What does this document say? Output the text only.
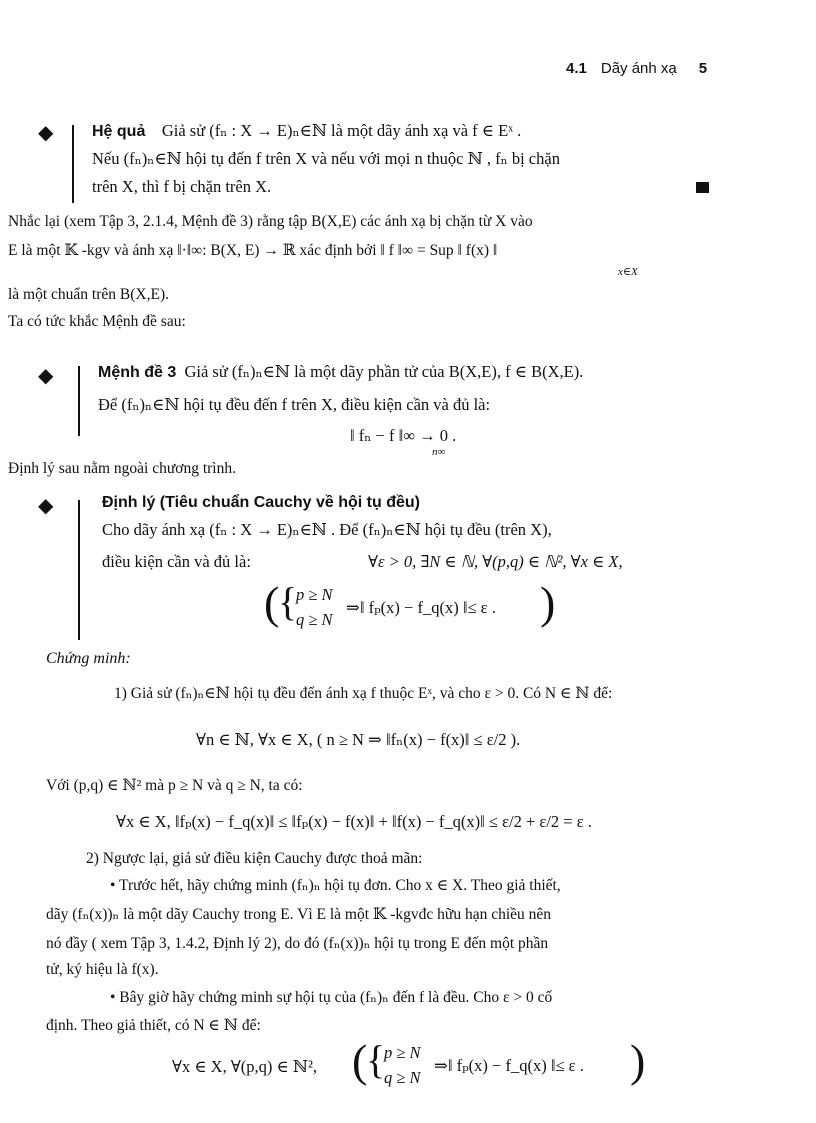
4.1 Dãy ánh xạ 5
◆ Hệ quả Giả sử (fₙ : X → E)ₙ∈ℕ là một dãy ánh xạ và f ∈ Eˣ .
Nếu (fₙ)ₙ∈ℕ hội tụ đến f trên X và nếu với mọi n thuộc ℕ , fₙ bị chặn
trên X, thì f bị chặn trên X.
Nhắc lại (xem Tập 3, 2.1.4, Mệnh đề 3) rằng tập B(X,E) các ánh xạ bị chặn từ X vào
E là một 𝕂 -kgv và ánh xạ ‖·‖∞: B(X, E) → ℝ xác định bởi ‖ f ‖∞ = Sup ‖ f(x) ‖
x∈X
là một chuẩn trên B(X,E).
Ta có tức khắc Mệnh đề sau:
◆	Mệnh đề 3 Giả sử (fₙ)ₙ∈ℕ là một dãy phần tử của B(X,E), f ∈ B(X,E).
Để (fₙ)ₙ∈ℕ hội tụ đều đến f trên X, điều kiện cần và đủ là:
‖ fₙ − f ‖∞ → 0 .
n∞
Định lý sau nằm ngoài chương trình.
◆	Định lý (Tiêu chuẩn Cauchy về hội tụ đều)
Cho dãy ánh xạ (fₙ : X → E)ₙ∈ℕ . Để (fₙ)ₙ∈ℕ hội tụ đều (trên X),
điều kiện cần và đủ là:	∀ε > 0, ∃N ∈ ℕ, ∀(p,q) ∈ ℕ², ∀x ∈ X,
(
{
p ≥ N
q ≥ N
⇒‖ fₚ(x) − f_q(x) ‖≤ ε . )
Chứng minh:
1) Giả sử (fₙ)ₙ∈ℕ hội tụ đều đến ánh xạ f thuộc Eˣ, và cho ε > 0. Có N ∈ ℕ để:
∀n ∈ ℕ, ∀x ∈ X, ( n ≥ N ⇒ ‖fₙ(x) − f(x)‖ ≤ ε/2 ).
Với (p,q) ∈ ℕ² mà p ≥ N và q ≥ N, ta có:
∀x ∈ X, ‖fₚ(x) − f_q(x)‖ ≤ ‖fₚ(x) − f(x)‖ + ‖f(x) − f_q(x)‖ ≤ ε/2 + ε/2 = ε .
2) Ngược lại, giả sử điều kiện Cauchy được thoả mãn:
• Trước hết, hãy chứng minh (fₙ)ₙ hội tụ đơn. Cho x ∈ X. Theo giả thiết,
dãy (fₙ(x))ₙ là một dãy Cauchy trong E. Vì E là một 𝕂 -kgvđc hữu hạn chiều nên
nó đầy ( xem Tập 3, 1.4.2, Định lý 2), do đó (fₙ(x))ₙ hội tụ trong E đến một phần
tử, ký hiệu là f(x).
• Bây giờ hãy chứng minh sự hội tụ của (fₙ)ₙ đến f là đều. Cho ε > 0 cố
định. Theo giả thiết, có N ∈ ℕ để:
∀x ∈ X, ∀(p,q) ∈ ℕ², (
{
p ≥ N
q ≥ N
⇒‖ fₚ(x) − f_q(x) ‖≤ ε . )
